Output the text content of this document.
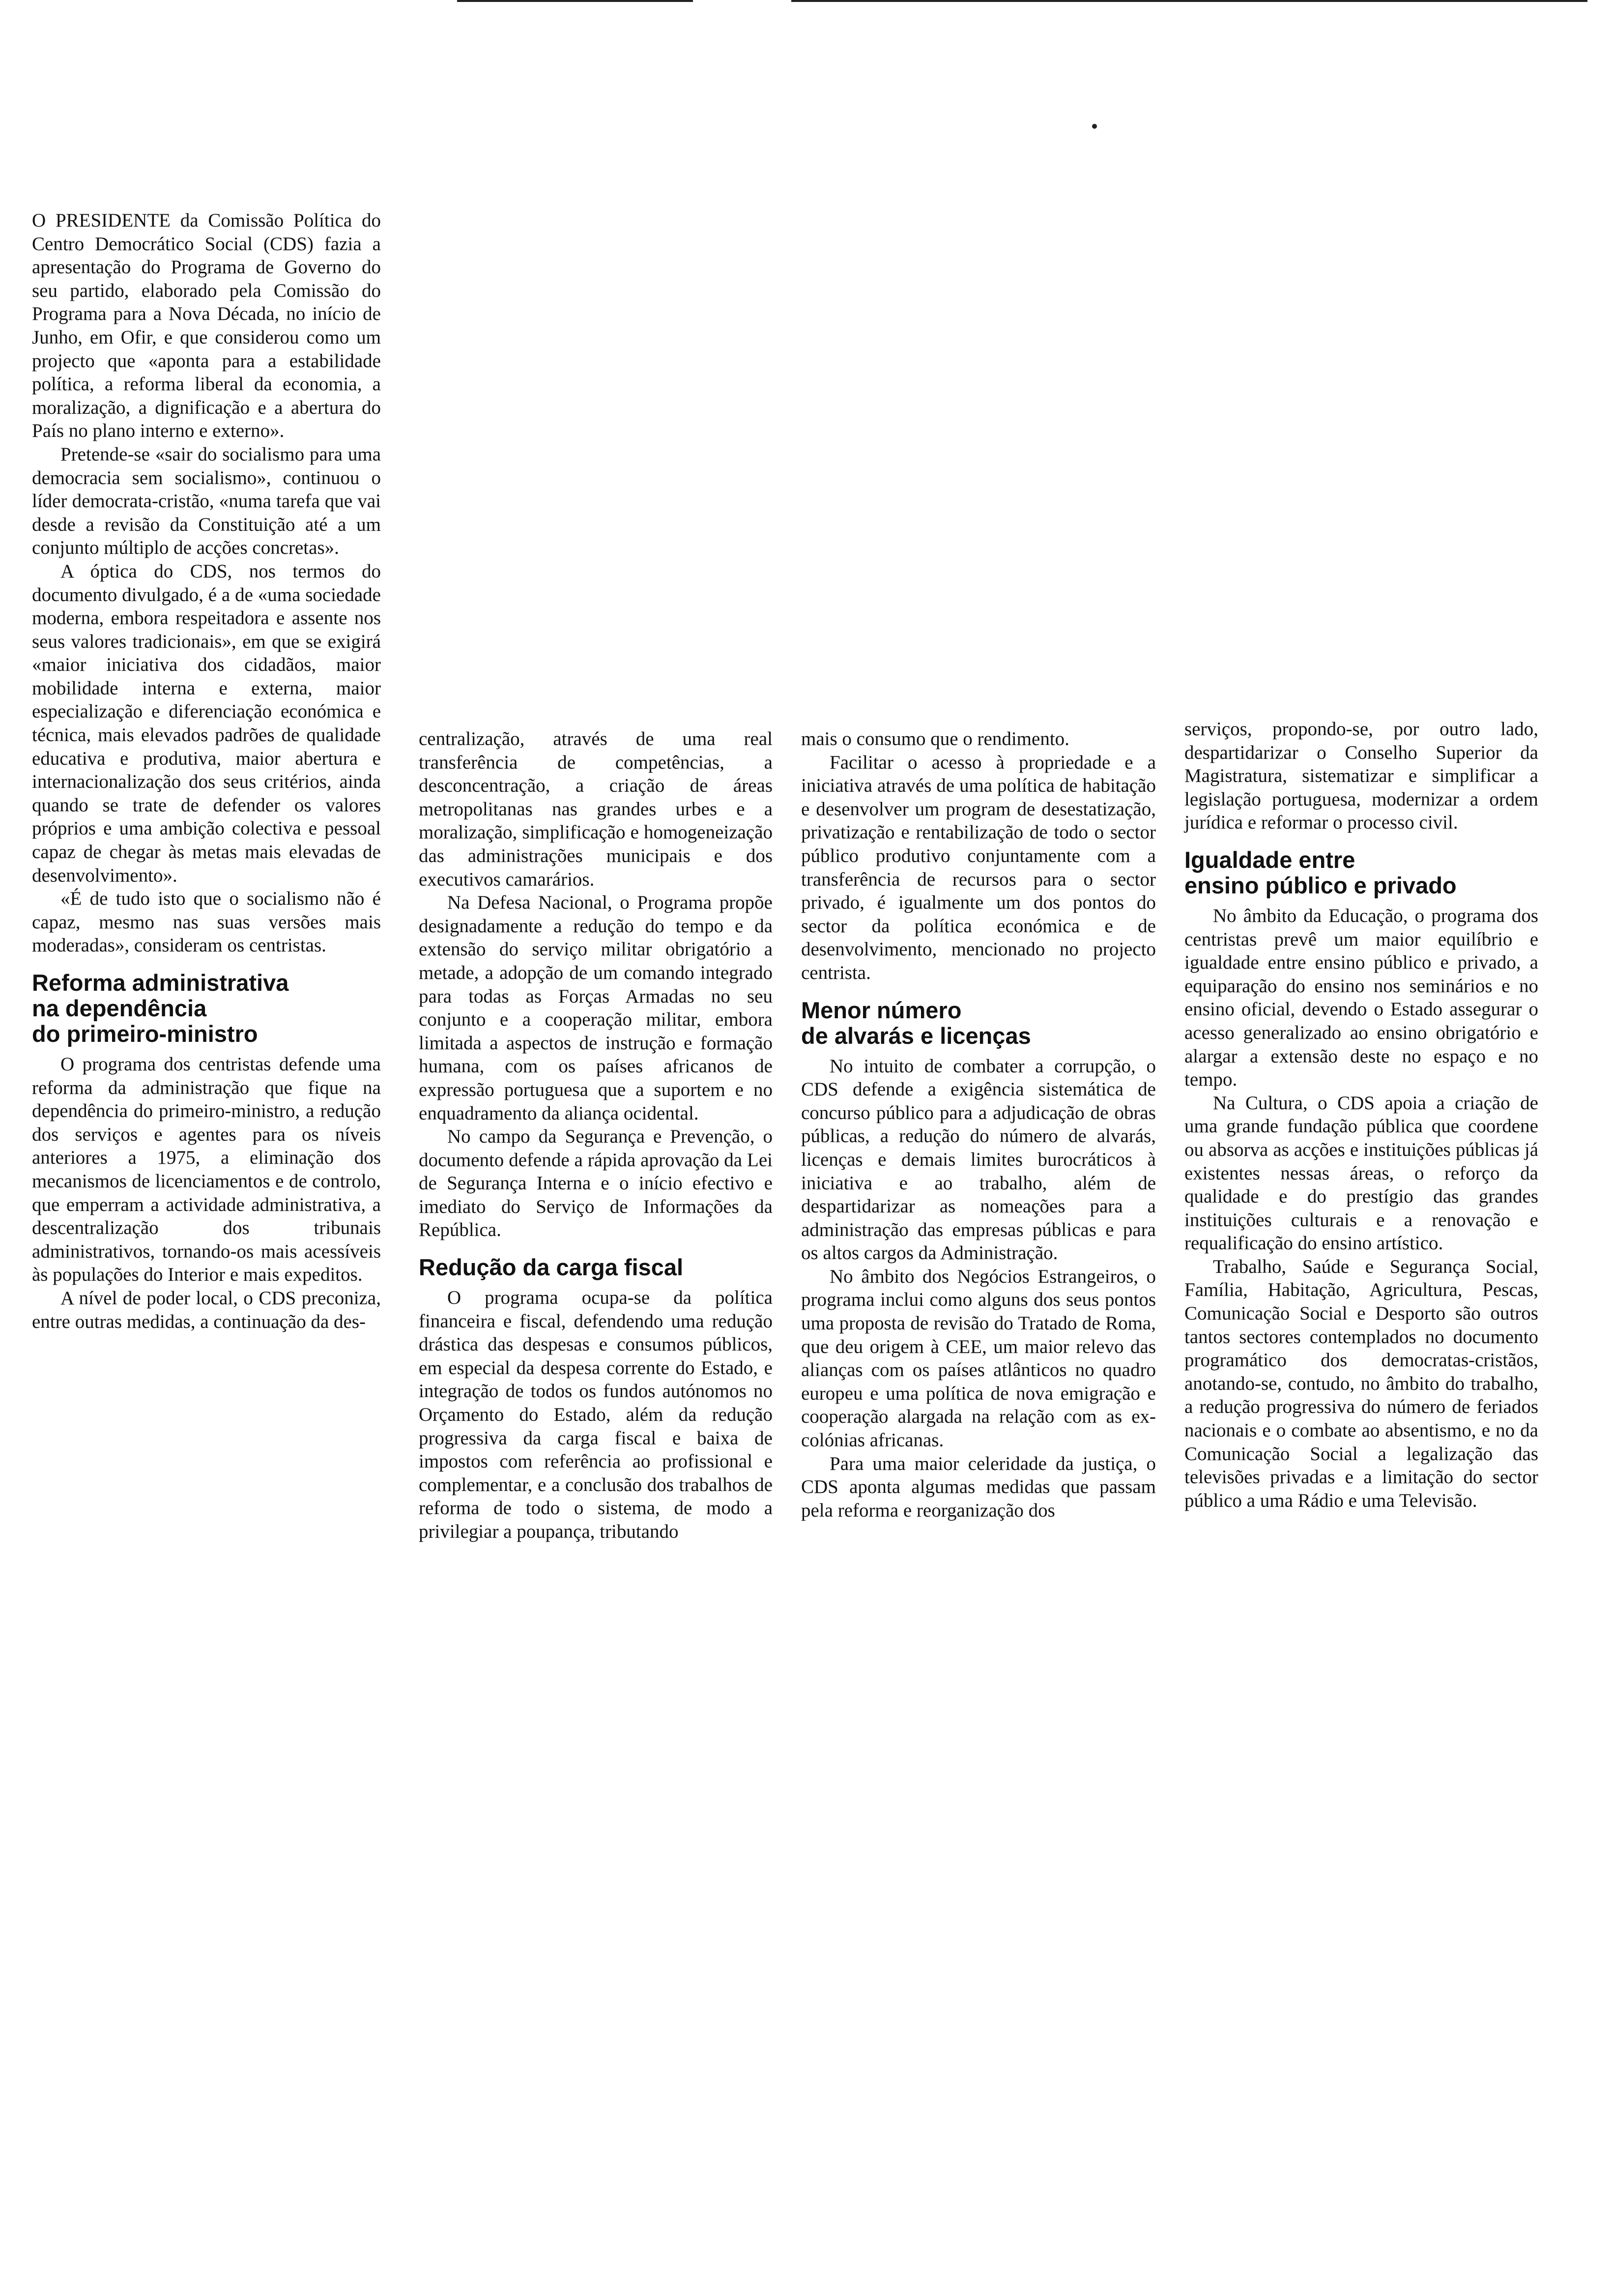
O PRESIDENTE da Comissão Política do Centro Democrático Social (CDS) fazia a apresentação do Programa de Governo do seu partido, elaborado pela Comissão do Programa para a Nova Década, no início de Junho, em Ofir, e que considerou como um projecto que «aponta para a estabilidade política, a reforma liberal da economia, a moralização, a dignificação e a abertura do País no plano interno e externo».

Pretende-se «sair do socialismo para uma democracia sem socialismo», continuou o líder democrata-cristão, «numa tarefa que vai desde a revisão da Constituição até a um conjunto múltiplo de acções concretas».

A óptica do CDS, nos termos do documento divulgado, é a de «uma sociedade moderna, embora respeitadora e assente nos seus valores tradicionais», em que se exigirá «maior iniciativa dos cidadãos, maior mobilidade interna e externa, maior especialização e diferenciação económica e técnica, mais elevados padrões de qualidade educativa e produtiva, maior abertura e internacionalização dos seus critérios, ainda quando se trate de defender os valores próprios e uma ambição colectiva e pessoal capaz de chegar às metas mais elevadas de desenvolvimento».

«É de tudo isto que o socialismo não é capaz, mesmo nas suas versões mais moderadas», consideram os centristas.

Reforma administrativa
na dependência
do primeiro-ministro

O programa dos centristas defende uma reforma da administração que fique na dependência do primeiro-ministro, a redução dos serviços e agentes para os níveis anteriores a 1975, a eliminação dos mecanismos de licenciamentos e de controlo, que emperram a actividade administrativa, a descentralização dos tribunais administrativos, tornando-os mais acessíveis às populações do Interior e mais expeditos.

A nível de poder local, o CDS preconiza, entre outras medidas, a continuação da des-

centralização, através de uma real transferência de competências, a desconcentração, a criação de áreas metropolitanas nas grandes urbes e a moralização, simplificação e homogeneização das administrações municipais e dos executivos camarários.

Na Defesa Nacional, o Programa propõe designadamente a redução do tempo e da extensão do serviço militar obrigatório a metade, a adopção de um comando integrado para todas as Forças Armadas no seu conjunto e a cooperação militar, embora limitada a aspectos de instrução e formação humana, com os países africanos de expressão portuguesa que a suportem e no enquadramento da aliança ocidental.

No campo da Segurança e Prevenção, o documento defende a rápida aprovação da Lei de Segurança Interna e o início efectivo e imediato do Serviço de Informações da República.

Redução da carga fiscal

O programa ocupa-se da política financeira e fiscal, defendendo uma redução drástica das despesas e consumos públicos, em especial da despesa corrente do Estado, e integração de todos os fundos autónomos no Orçamento do Estado, além da redução progressiva da carga fiscal e baixa de impostos com referência ao profissional e complementar, e a conclusão dos trabalhos de reforma de todo o sistema, de modo a privilegiar a poupança, tributando

mais o consumo que o rendimento.

Facilitar o acesso à propriedade e a iniciativa através de uma política de habitação e desenvolver um program de desestatização, privatização e rentabilização de todo o sector público produtivo conjuntamente com a transferência de recursos para o sector privado, é igualmente um dos pontos do sector da política económica e de desenvolvimento, mencionado no projecto centrista.

Menor número
de alvarás e licenças

No intuito de combater a corrupção, o CDS defende a exigência sistemática de concurso público para a adjudicação de obras públicas, a redução do número de alvarás, licenças e demais limites burocráticos à iniciativa e ao trabalho, além de despartidarizar as nomeações para a administração das empresas públicas e para os altos cargos da Administração.

No âmbito dos Negócios Estrangeiros, o programa inclui como alguns dos seus pontos uma proposta de revisão do Tratado de Roma, que deu origem à CEE, um maior relevo das alianças com os países atlânticos no quadro europeu e uma política de nova emigração e cooperação alargada na relação com as ex-colónias africanas.

Para uma maior celeridade da justiça, o CDS aponta algumas medidas que passam pela reforma e reorganização dos

serviços, propondo-se, por outro lado, despartidarizar o Conselho Superior da Magistratura, sistematizar e simplificar a legislação portuguesa, modernizar a ordem jurídica e reformar o processo civil.

Igualdade entre
ensino público e privado

No âmbito da Educação, o programa dos centristas prevê um maior equilíbrio e igualdade entre ensino público e privado, a equiparação do ensino nos seminários e no ensino oficial, devendo o Estado assegurar o acesso generalizado ao ensino obrigatório e alargar a extensão deste no espaço e no tempo.

Na Cultura, o CDS apoia a criação de uma grande fundação pública que coordene ou absorva as acções e instituições públicas já existentes nessas áreas, o reforço da qualidade e do prestígio das grandes instituições culturais e a renovação e requalificação do ensino artístico.

Trabalho, Saúde e Segurança Social, Família, Habitação, Agricultura, Pescas, Comunicação Social e Desporto são outros tantos sectores contemplados no documento programático dos democratas-cristãos, anotando-se, contudo, no âmbito do trabalho, a redução progressiva do número de feriados nacionais e o combate ao absentismo, e no da Comunicação Social a legalização das televisões privadas e a limitação do sector público a uma Rádio e uma Televisão.
